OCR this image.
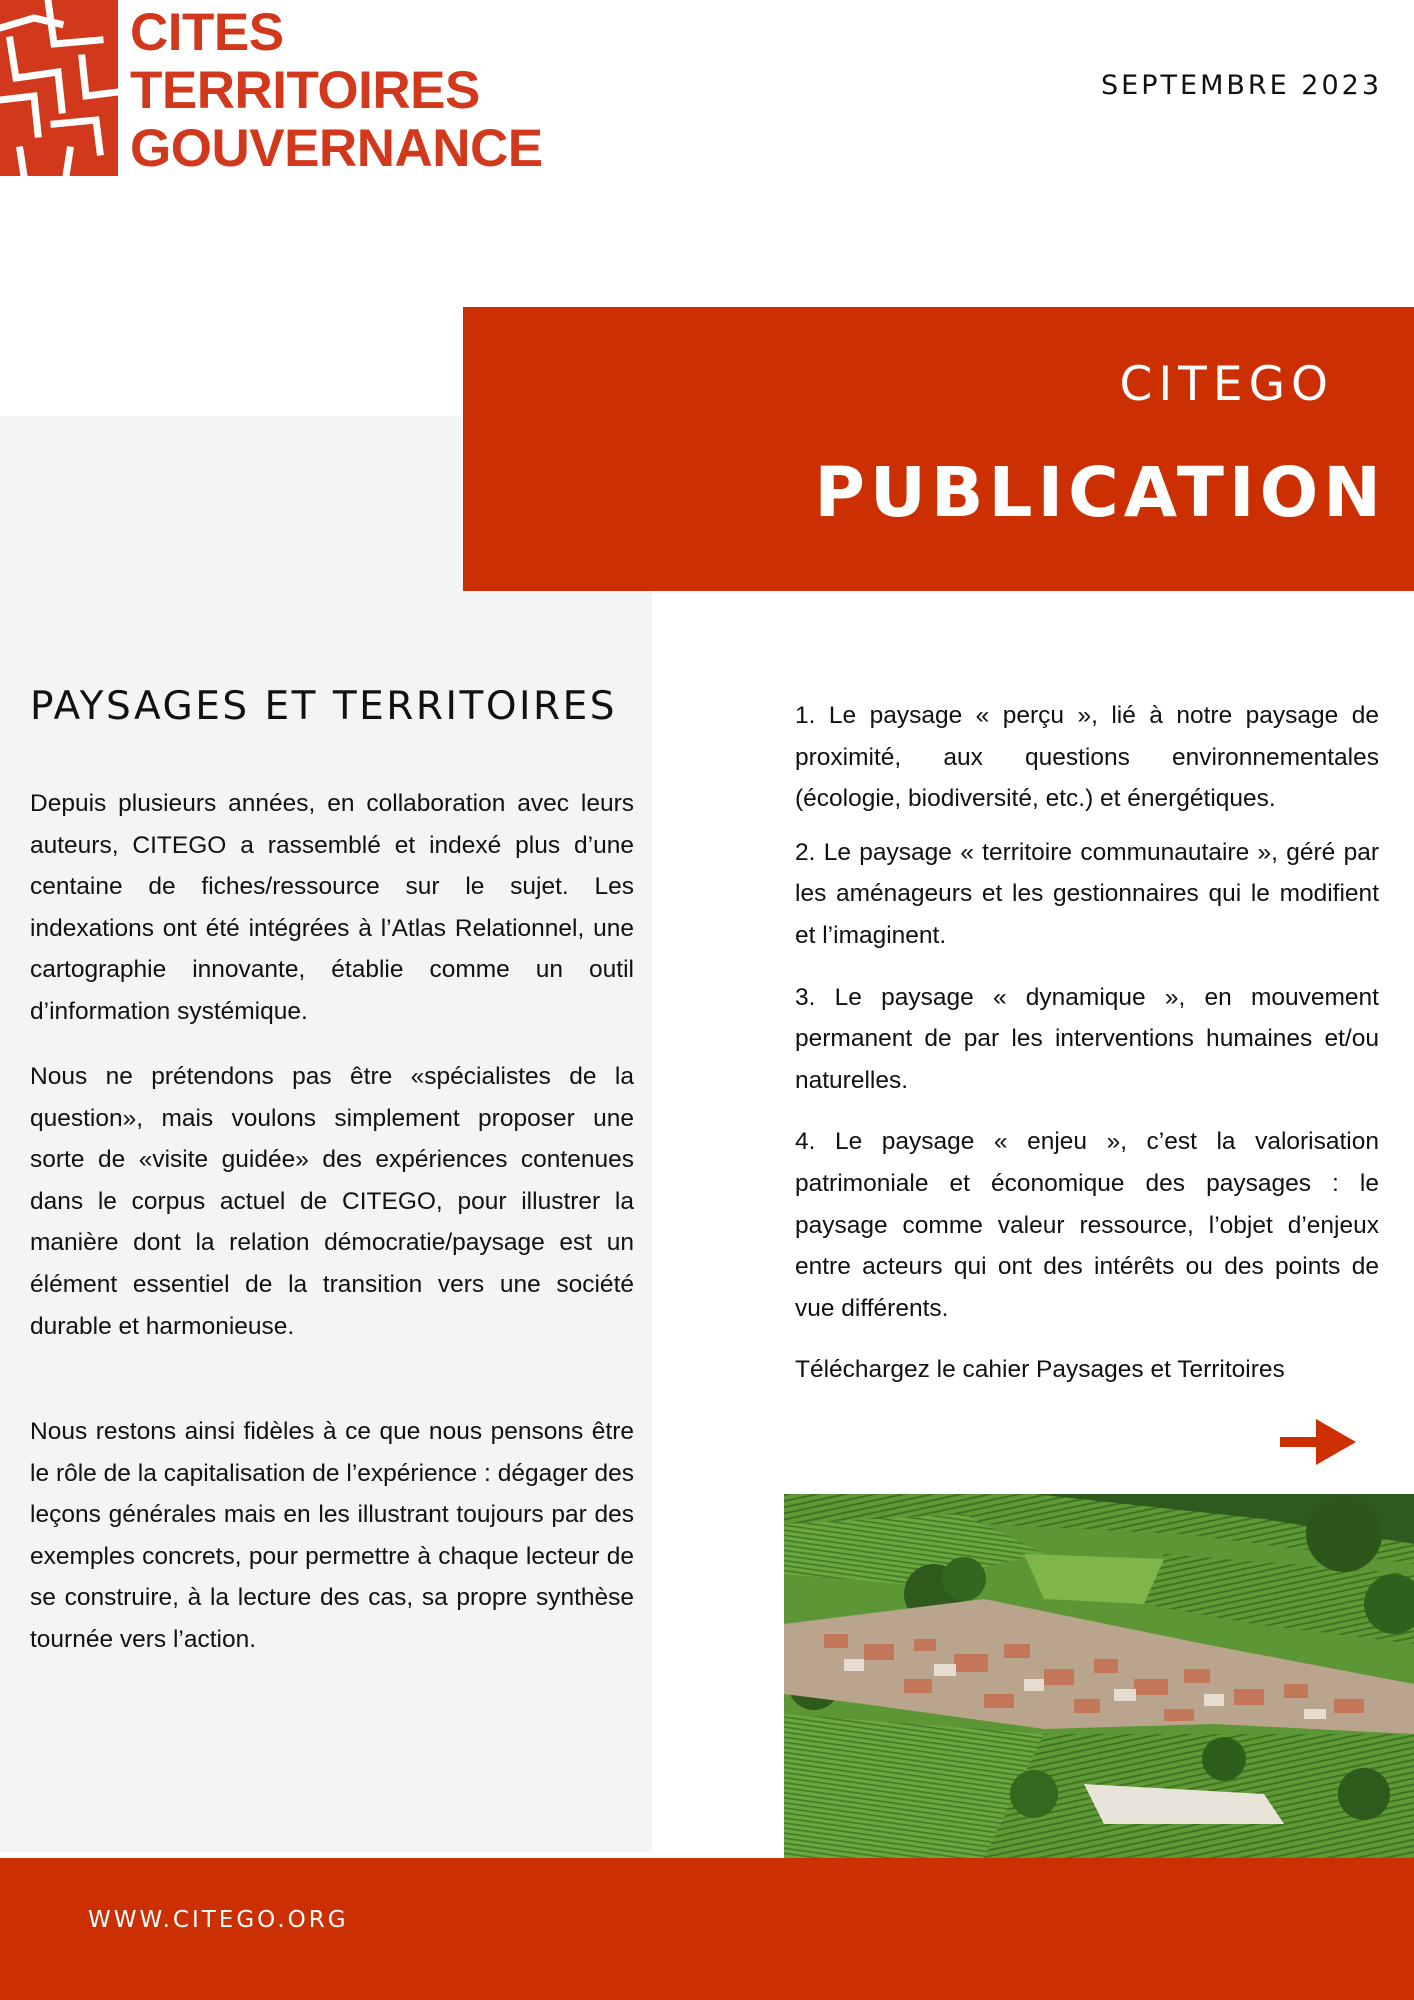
CITES
TERRITOIRES
GOUVERNANCE
SEPTEMBRE 2023
CITEGO
PUBLICATION
PAYSAGES ET TERRITOIRES
Depuis plusieurs années, en collaboration avec leurs auteurs, CITEGO a rassemblé et indexé plus d’une centaine de fiches/ressource sur le sujet. Les indexations ont été intégrées à l’Atlas Relationnel, une cartographie innovante, établie comme un outil d’information systémique.
Nous ne prétendons pas être «spécialistes de la question», mais voulons simplement proposer une sorte de «visite guidée» des expériences contenues dans le corpus actuel de CITEGO, pour illustrer la manière dont la relation démocratie/paysage est un élément essentiel de la transition vers une société durable et harmonieuse.
Nous restons ainsi fidèles à ce que nous pensons être le rôle de la capitalisation de l’expérience : dégager des leçons générales mais en les illustrant toujours par des exemples concrets, pour permettre à chaque lecteur de se construire, à la lecture des cas, sa propre synthèse tournée vers l’action.

1. Le paysage « perçu », lié à notre paysage de proximité, aux questions environnementales (écologie, biodiversité, etc.) et énergétiques.

2. Le paysage « territoire communautaire », géré par les aménageurs et les gestionnaires qui le modifient et l’imaginent.

3. Le paysage « dynamique », en mouvement permanent de par les interventions humaines et/ou naturelles.

4. Le paysage « enjeu », c’est la valorisation patrimoniale et économique des paysages : le paysage comme valeur ressource, l’objet d’enjeux entre acteurs qui ont des intérêts ou des points de vue différents.

Téléchargez le cahier Paysages et Territoires

WWW.CITEGO.ORG
